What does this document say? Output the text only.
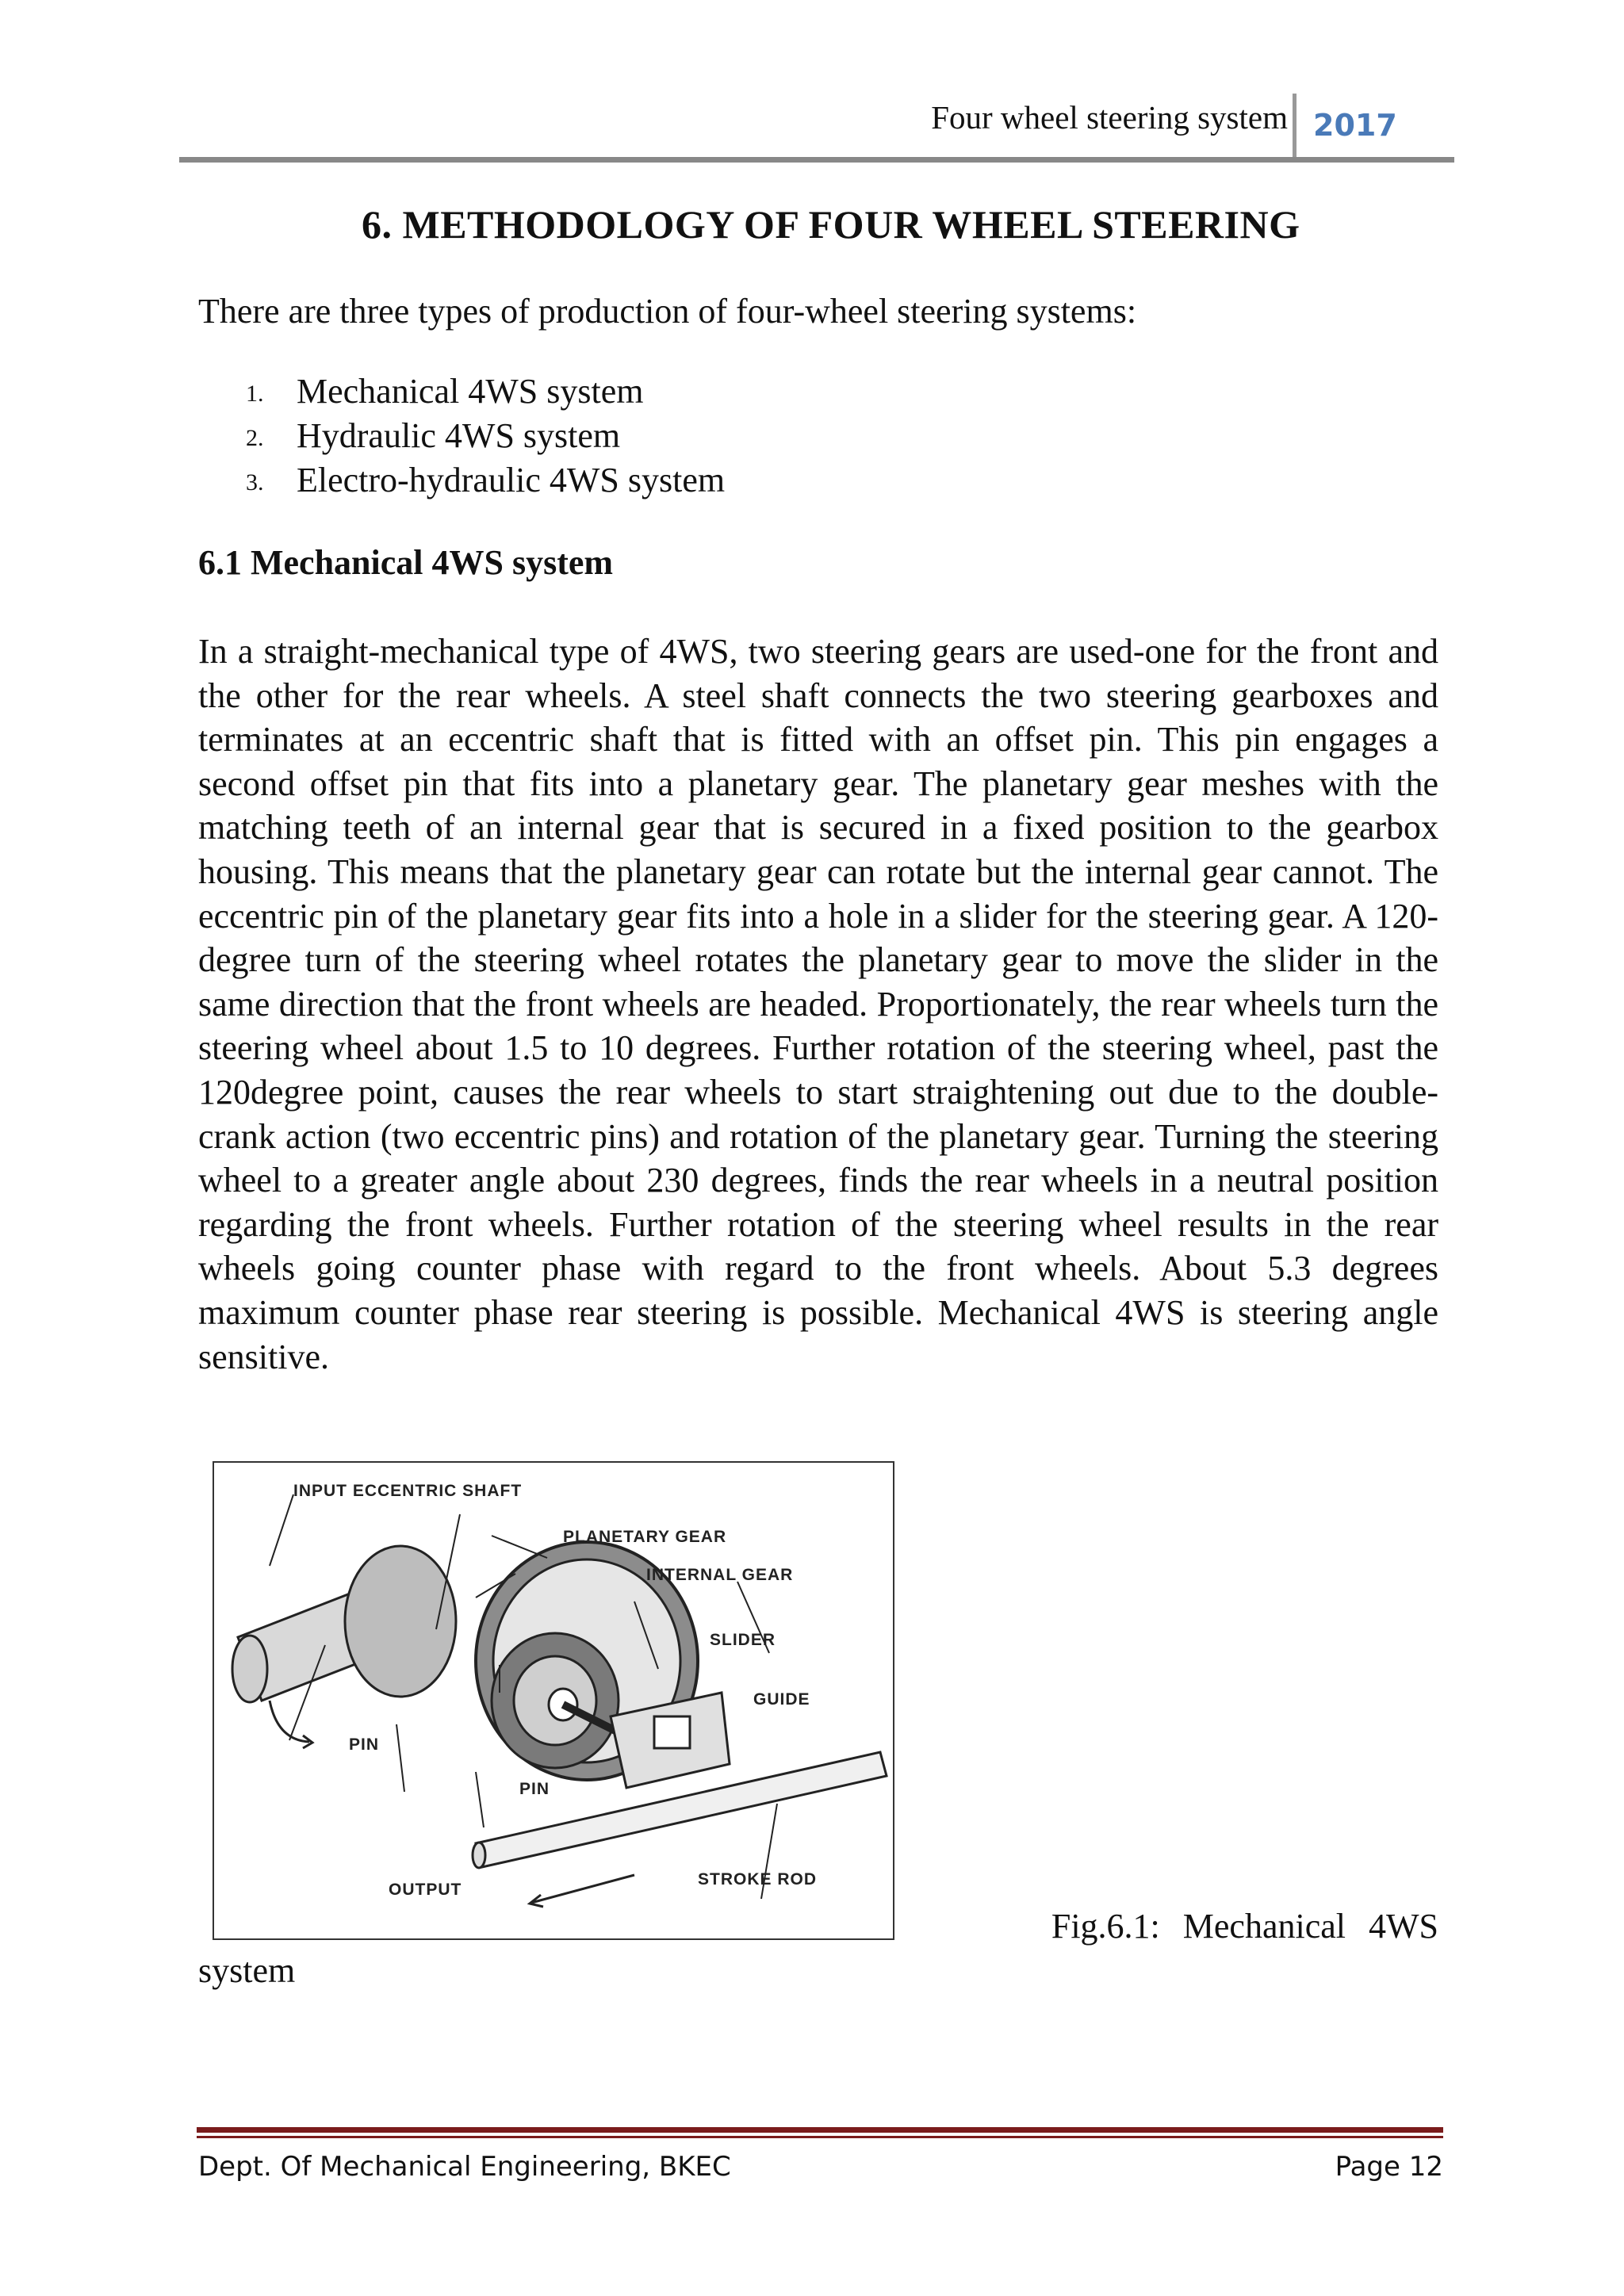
Four wheel steering system 2017
6. METHODOLOGY OF FOUR WHEEL STEERING
There are three types of production of four-wheel steering systems:
1. Mechanical 4WS system
2. Hydraulic 4WS system
3. Electro-hydraulic 4WS system
6.1 Mechanical 4WS system
In a straight-mechanical type of 4WS, two steering gears are used-one for the front and the other for the rear wheels. A steel shaft connects the two steering gearboxes and terminates at an eccentric shaft that is fitted with an offset pin. This pin engages a second offset pin that fits into a planetary gear. The planetary gear meshes with the matching teeth of an internal gear that is secured in a fixed position to the gearbox housing. This means that the planetary gear can rotate but the internal gear cannot. The eccentric pin of the planetary gear fits into a hole in a slider for the steering gear. A 120-degree turn of the steering wheel rotates the planetary gear to move the slider in the same direction that the front wheels are headed. Proportionately, the rear wheels turn the steering wheel about 1.5 to 10 degrees. Further rotation of the steering wheel, past the 120degree point, causes the rear wheels to start straightening out due to the double-crank action (two eccentric pins) and rotation of the planetary gear. Turning the steering wheel to a greater angle about 230 degrees, finds the rear wheels in a neutral position regarding the front wheels. Further rotation of the steering wheel results in the rear wheels going counter phase with regard to the front wheels. About 5.3 degrees maximum counter phase rear steering is possible. Mechanical 4WS is steering angle sensitive.
INPUT ECCENTRIC SHAFT
PLANETARY GEAR
INTERNAL GEAR
SLIDER
GUIDE
PIN
PIN
OUTPUT
STROKE ROD
Fig.6.1: Mechanical 4WS
system
Dept. Of Mechanical Engineering, BKEC	Page 12
